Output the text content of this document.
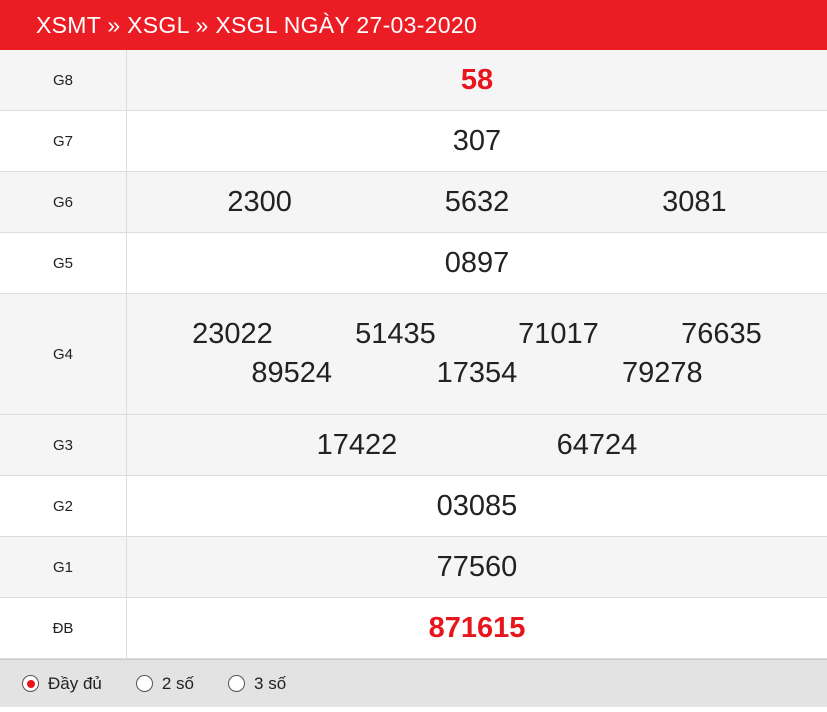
XSMT » XSGL » XSGL NGÀY 27-03-2020
G8	58

G7	307

G6	2300 5632 3081

G5	0897

G4	
23022	51435	71017	76635
89524	17354	79278

G3	17422 64724

G2	03085

G1	77560

ĐB	871615
Đầy đủ	2 số	3 số
